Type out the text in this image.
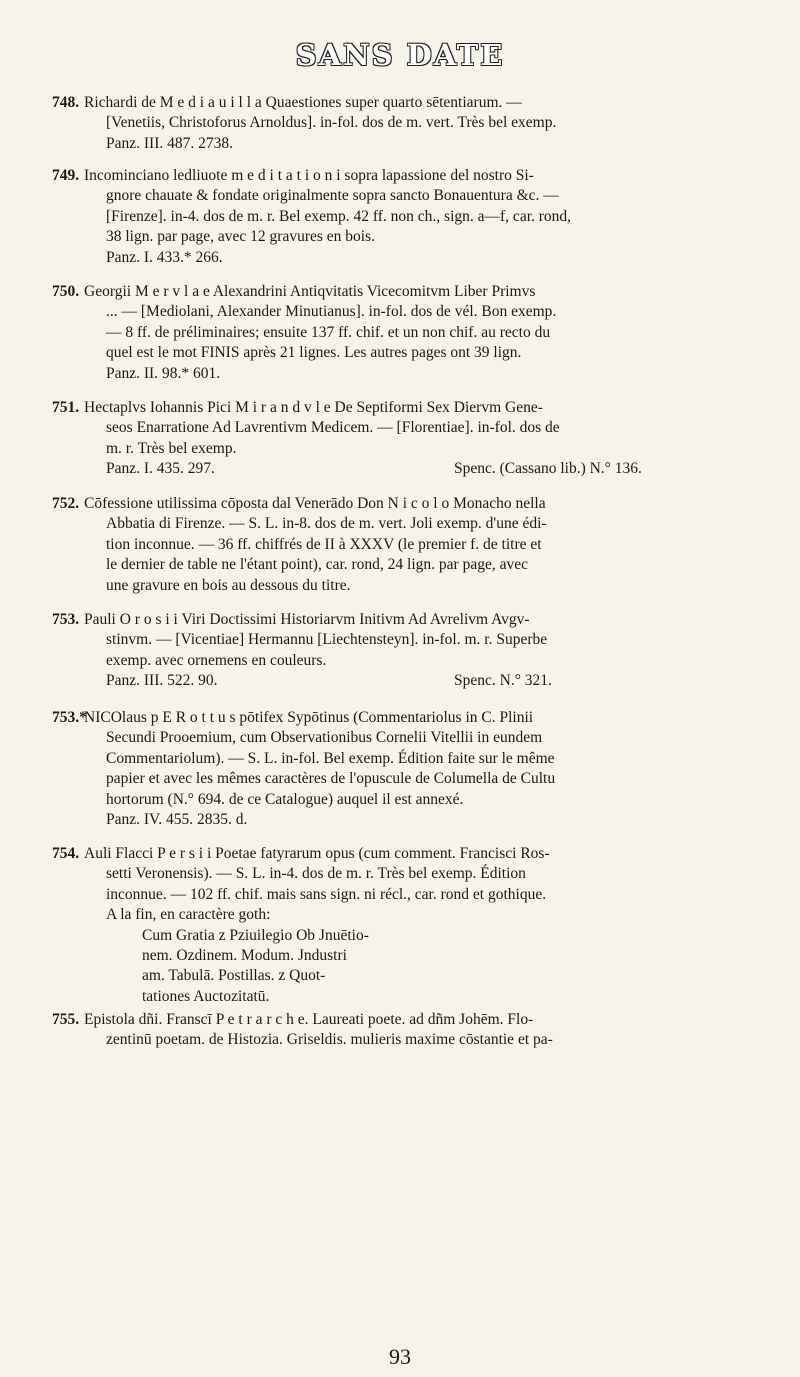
SANS DATE
748. Richardi de M e d i a u i l l a Quaestiones super quarto sētentiarum. —
[Venetiis, Christoforus Arnoldus]. in-fol. dos de m. vert. Très bel exemp.
Panz. III. 487. 2738.
749. Incominciano ledliuote m e d i t a t i o n i sopra lapassione del nostro Si-
gnore chauate & fondate originalmente sopra sancto Bonauentura &c. —
[Firenze]. in-4. dos de m. r. Bel exemp. 42 ff. non ch., sign. a—f, car. rond,
38 lign. par page, avec 12 gravures en bois.
Panz. I. 433.* 266.
750. Georgii M e r v l a e Alexandrini Antiqvitatis Vicecomitvm Liber Primvs
... — [Mediolani, Alexander Minutianus]. in-fol. dos de vél. Bon exemp.
— 8 ff. de préliminaires; ensuite 137 ff. chif. et un non chif. au recto du
quel est le mot FINIS après 21 lignes. Les autres pages ont 39 lign.
Panz. II. 98.* 601.
751. Hectaplvs Iohannis Pici M i r a n d v l e De Septiformi Sex Diervm Gene-
seos Enarratione Ad Lavrentivm Medicem. — [Florentiae]. in-fol. dos de
m. r. Très bel exemp.
Panz. I. 435. 297.	Spenc. (Cassano lib.) N.° 136.
752. Cōfessione utilissima cōposta dal Venerādo Don N i c o l o Monacho nella
Abbatia di Firenze. — S. L. in-8. dos de m. vert. Joli exemp. d'une édi-
tion inconnue. — 36 ff. chiffrés de II à XXXV (le premier f. de titre et
le dernier de table ne l'étant point), car. rond, 24 lign. par page, avec
une gravure en bois au dessous du titre.
753. Pauli O r o s i i Viri Doctissimi Historiarvm Initivm Ad Avrelivm Avgv-
stinvm. — [Vicentiae] Hermannu [Liechtensteyn]. in-fol. m. r. Superbe
exemp. avec ornemens en couleurs.
Panz. III. 522. 90.	Spenc. N.° 321.
753.*
NICOlaus p E R o t t u s pōtifex Sypōtinus (Commentariolus in C. Plinii
Secundi Prooemium, cum Observationibus Cornelii Vitellii in eundem
Commentariolum). — S. L. in-fol. Bel exemp. Édition faite sur le même
papier et avec les mêmes caractères de l'opuscule de Columella de Cultu
hortorum (N.° 694. de ce Catalogue) auquel il est annexé.
Panz. IV. 455. 2835. d.
754. Auli Flacci P e r s i i Poetae fatyrarum opus (cum comment. Francisci Ros-
setti Veronensis). — S. L. in-4. dos de m. r. Très bel exemp. Édition
inconnue. — 102 ff. chif. mais sans sign. ni récl., car. rond et gothique.
A la fin, en caractère goth:
Cum Gratia z Pziuilegio Ob Jnuētio-
nem. Ozdinem. Modum. Jndustri
am. Tabulā. Postillas. z Quot-
tationes Auctozitatū.
755. Epistola dñi. Franscī P e t r a r c h e. Laureati poete. ad dñm Johēm. Flo-
zentinū poetam. de Histozia. Griseldis. mulieris maxime cōstantie et pa-
93
